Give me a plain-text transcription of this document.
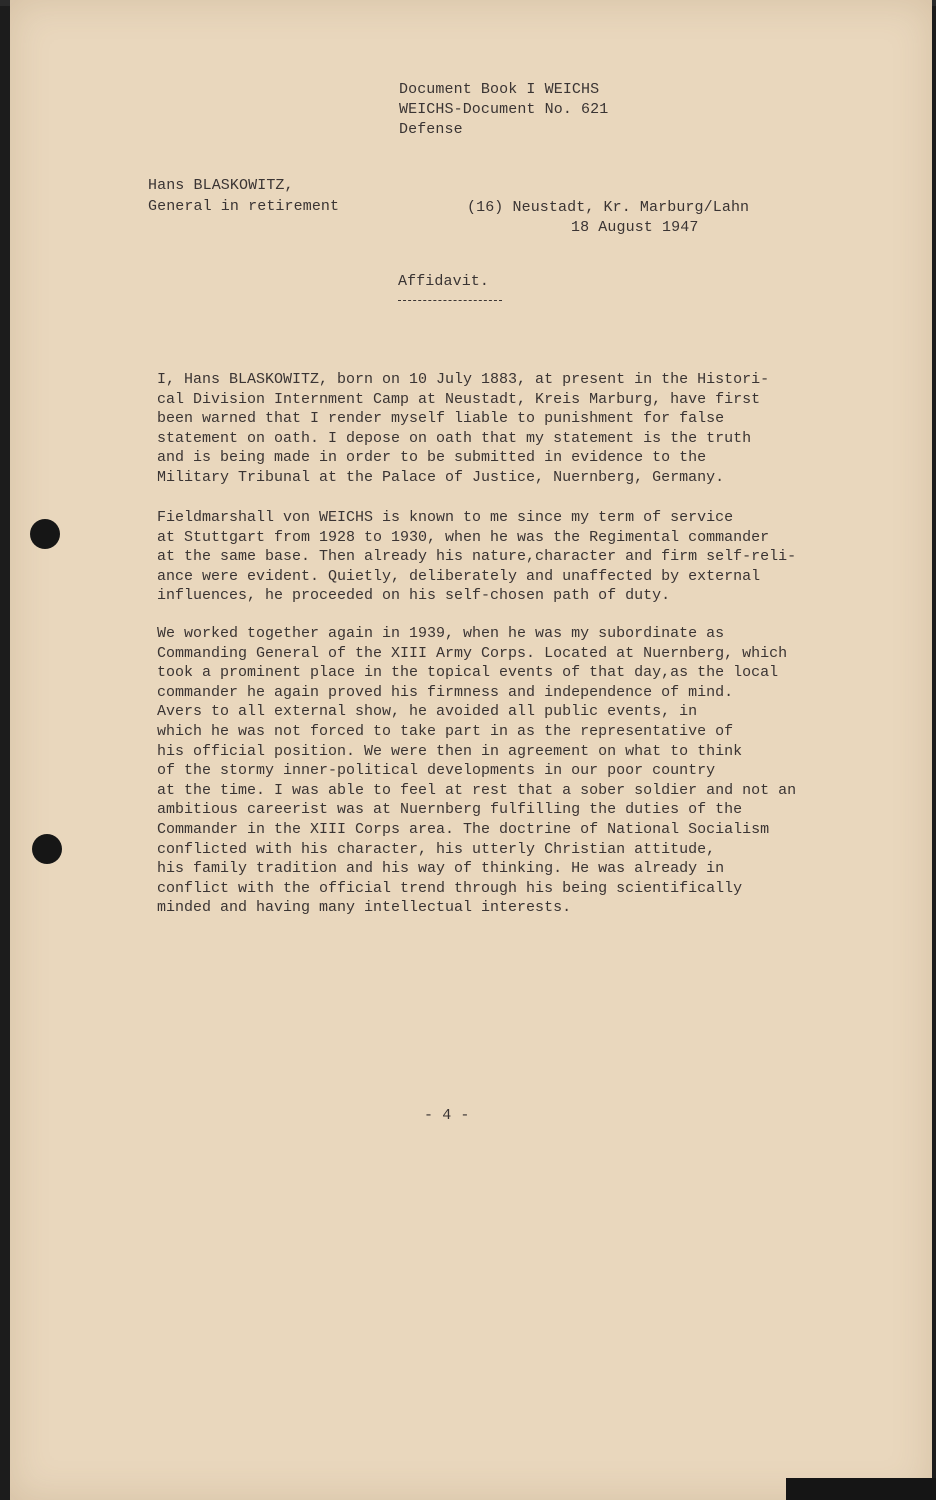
Document Book I WEICHS
WEICHS-Document No. 621
Defense
Hans BLASKOWITZ,
General in retirement	(16) Neustadt, Kr. Marburg/Lahn
18 August 1947
Affidavit.
I, Hans BLASKOWITZ, born on 10 July 1883, at present in the Histori-
cal Division Internment Camp at Neustadt, Kreis Marburg, have first
been warned that I render myself liable to punishment for false
statement on oath. I depose on oath that my statement is the truth
and is being made in order to be submitted in evidence to the
Military Tribunal at the Palace of Justice, Nuernberg, Germany.
Fieldmarshall von WEICHS is known to me since my term of service
at Stuttgart from 1928 to 1930, when he was the Regimental commander
at the same base. Then already his nature,character and firm self-reli-
ance were evident. Quietly, deliberately and unaffected by external
influences, he proceeded on his self-chosen path of duty.
We worked together again in 1939, when he was my subordinate as
Commanding General of the XIII Army Corps. Located at Nuernberg, which
took a prominent place in the topical events of that day,as the local
commander he again proved his firmness and independence of mind.
Avers to all external show, he avoided all public events, in
which he was not forced to take part in as the representative of
his official position. We were then in agreement on what to think
of the stormy inner-political developments in our poor country
at the time. I was able to feel at rest that a sober soldier and not an
ambitious careerist was at Nuernberg fulfilling the duties of the
Commander in the XIII Corps area. The doctrine of National Socialism
conflicted with his character, his utterly Christian attitude,
his family tradition and his way of thinking. He was already in
conflict with the official trend through his being scientifically
minded and having many intellectual interests.
- 4 -
